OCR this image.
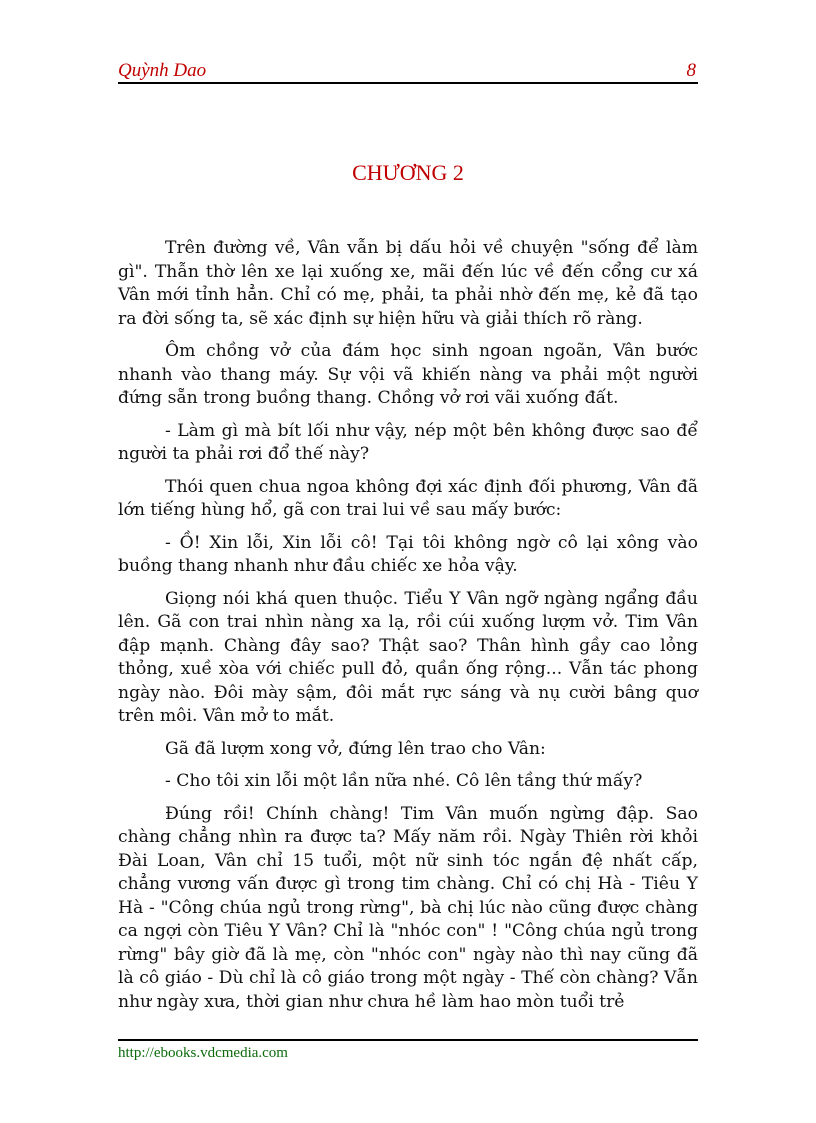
Quỳnh Dao	8
CHƯƠNG 2

Trên đường về, Vân vẫn bị dấu hỏi về chuyện "sống để làm gì". Thẫn thờ lên xe lại xuống xe, mãi đến lúc về đến cổng cư xá Vân mới tỉnh hẳn. Chỉ có mẹ, phải, ta phải nhờ đến mẹ, kẻ đã tạo ra đời sống ta, sẽ xác định sự hiện hữu và giải thích rõ ràng.

Ôm chồng vở của đám học sinh ngoan ngoãn, Vân bước nhanh vào thang máy. Sự vội vã khiến nàng va phải một người đứng sẵn trong buồng thang. Chồng vở rơi vãi xuống đất.

- Làm gì mà bít lối như vậy, nép một bên không được sao để người ta phải rơi đổ thế này?

Thói quen chua ngoa không đợi xác định đối phương, Vân đã lớn tiếng hùng hổ, gã con trai lui về sau mấy bước:

- Ồ! Xin lỗi, Xin lỗi cô! Tại tôi không ngờ cô lại xông vào buồng thang nhanh như đầu chiếc xe hỏa vậy.

Giọng nói khá quen thuộc. Tiểu Y Vân ngỡ ngàng ngẩng đầu lên. Gã con trai nhìn nàng xa lạ, rồi cúi xuống lượm vở. Tim Vân đập mạnh. Chàng đây sao? Thật sao? Thân hình gầy cao lỏng thỏng, xuề xòa với chiếc pull đỏ, quần ống rộng... Vẫn tác phong ngày nào. Đôi mày sậm, đôi mắt rực sáng và nụ cười bâng quơ trên môi. Vân mở to mắt.

Gã đã lượm xong vở, đứng lên trao cho Vân:

- Cho tôi xin lỗi một lần nữa nhé. Cô lên tầng thứ mấy?

Đúng rồi! Chính chàng! Tim Vân muốn ngừng đập. Sao chàng chẳng nhìn ra được ta? Mấy năm rồi. Ngày Thiên rời khỏi Đài Loan, Vân chỉ 15 tuổi, một nữ sinh tóc ngắn đệ nhất cấp, chẳng vương vấn được gì trong tim chàng. Chỉ có chị Hà - Tiêu Y Hà - "Công chúa ngủ trong rừng", bà chị lúc nào cũng được chàng ca ngợi còn Tiêu Y Vân? Chỉ là "nhóc con" ! "Công chúa ngủ trong rừng" bây giờ đã là mẹ, còn "nhóc con" ngày nào thì nay cũng đã là cô giáo - Dù chỉ là cô giáo trong một ngày - Thế còn chàng? Vẫn như ngày xưa, thời gian như chưa hề làm hao mòn tuổi trẻ

http://ebooks.vdcmedia.com
